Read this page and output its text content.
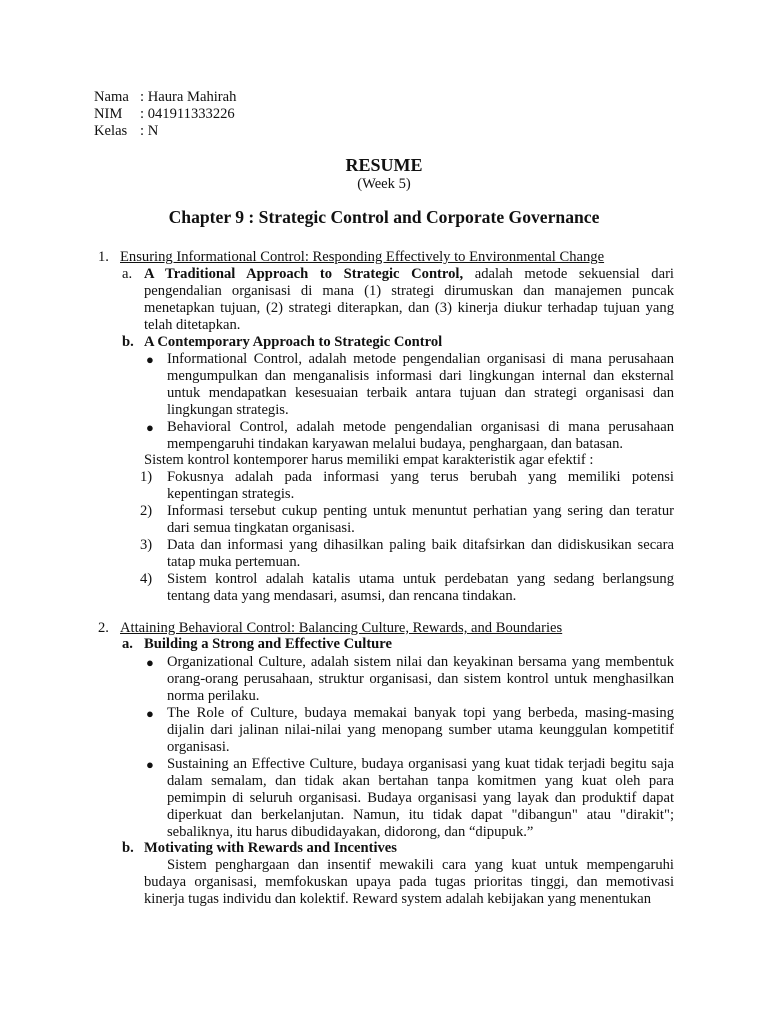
Nama : Haura Mahirah
NIM	: 041911333226
Kelas : N
RESUME
(Week 5)
Chapter 9 : Strategic Control and Corporate Governance
1. Ensuring Informational Control: Responding Effectively to Environmental Change
a. A Traditional Approach to Strategic Control, adalah metode sekuensial dari pengendalian organisasi di mana (1) strategi dirumuskan dan manajemen puncak menetapkan tujuan, (2) strategi diterapkan, dan (3) kinerja diukur terhadap tujuan yang telah ditetapkan.
b. A Contemporary Approach to Strategic Control
● Informational Control, adalah metode pengendalian organisasi di mana perusahaan mengumpulkan dan menganalisis informasi dari lingkungan internal dan eksternal untuk mendapatkan kesesuaian terbaik antara tujuan dan strategi organisasi dan lingkungan strategis.
● Behavioral Control, adalah metode pengendalian organisasi di mana perusahaan mempengaruhi tindakan karyawan melalui budaya, penghargaan, dan batasan.
Sistem kontrol kontemporer harus memiliki empat karakteristik agar efektif :
1) Fokusnya adalah pada informasi yang terus berubah yang memiliki potensi kepentingan strategis.
2) Informasi tersebut cukup penting untuk menuntut perhatian yang sering dan teratur dari semua tingkatan organisasi.
3) Data dan informasi yang dihasilkan paling baik ditafsirkan dan didiskusikan secara tatap muka pertemuan.
4) Sistem kontrol adalah katalis utama untuk perdebatan yang sedang berlangsung tentang data yang mendasari, asumsi, dan rencana tindakan.
2. Attaining Behavioral Control: Balancing Culture, Rewards, and Boundaries
a. Building a Strong and Effective Culture
● Organizational Culture, adalah sistem nilai dan keyakinan bersama yang membentuk orang-orang perusahaan, struktur organisasi, dan sistem kontrol untuk menghasilkan norma perilaku.
● The Role of Culture, budaya memakai banyak topi yang berbeda, masing-masing dijalin dari jalinan nilai-nilai yang menopang sumber utama keunggulan kompetitif organisasi.
● Sustaining an Effective Culture, budaya organisasi yang kuat tidak terjadi begitu saja dalam semalam, dan tidak akan bertahan tanpa komitmen yang kuat oleh para pemimpin di seluruh organisasi. Budaya organisasi yang layak dan produktif dapat diperkuat dan berkelanjutan. Namun, itu tidak dapat "dibangun" atau "dirakit"; sebaliknya, itu harus dibudidayakan, didorong, dan “dipupuk.”
b. Motivating with Rewards and Incentives
Sistem penghargaan dan insentif mewakili cara yang kuat untuk mempengaruhi budaya organisasi, memfokuskan upaya pada tugas prioritas tinggi, dan memotivasi kinerja tugas individu dan kolektif. Reward system adalah kebijakan yang menentukan
